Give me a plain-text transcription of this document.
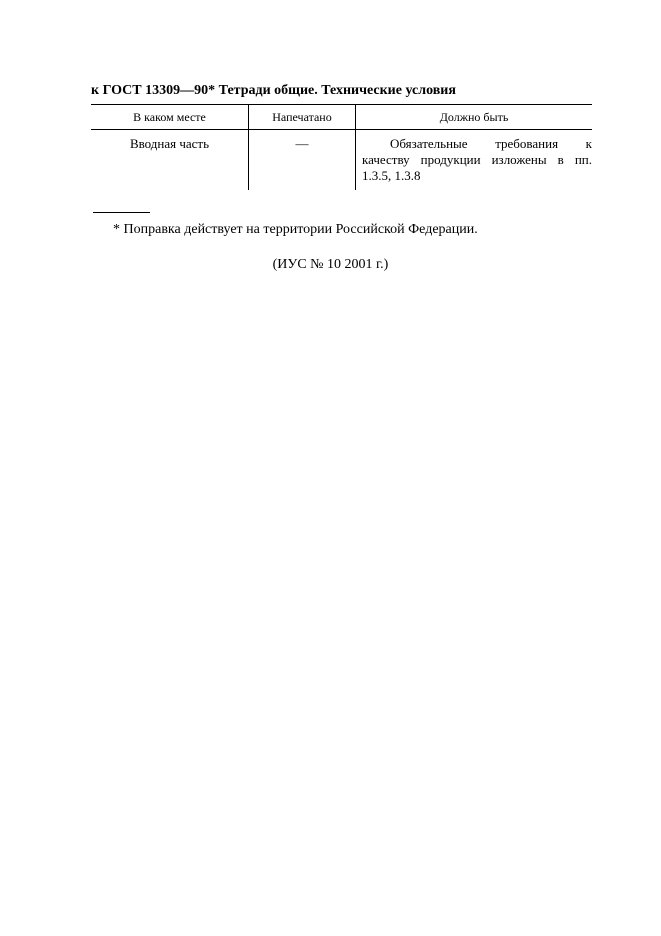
к ГОСТ 13309—90* Тетради общие. Технические условия
В каком месте	Напечатано	Должно быть
Вводная часть	—	Обязательные требования к качеству продукции изложены в пп. 1.3.5, 1.3.8
* Поправка действует на территории Российской Федерации.
(ИУС № 10 2001 г.)
